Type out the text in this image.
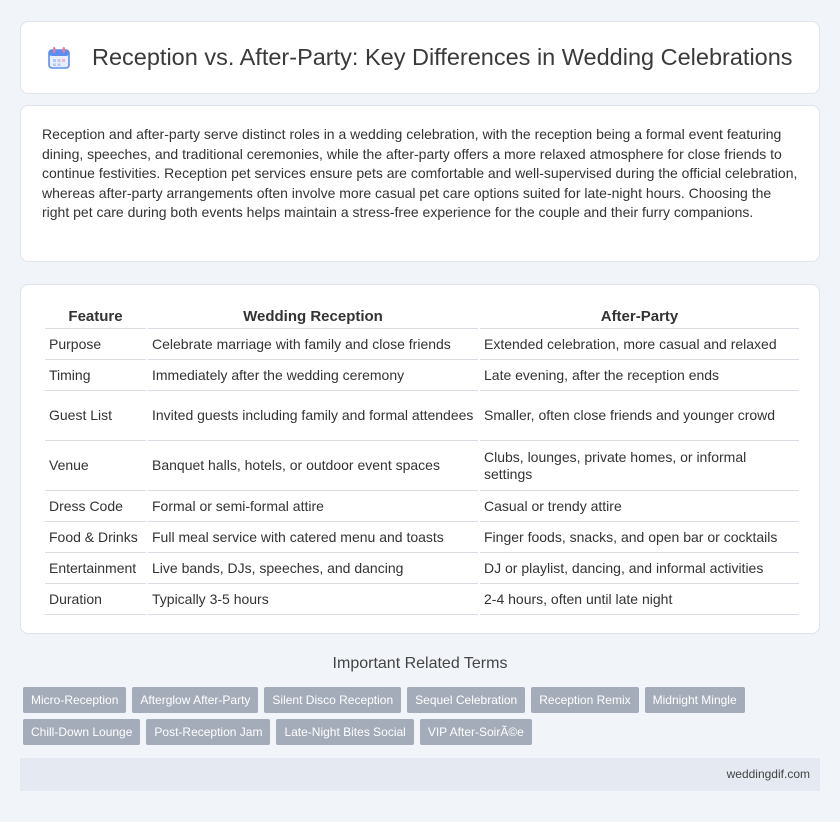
Reception vs. After-Party: Key Differences in Wedding Celebrations

Reception and after-party serve distinct roles in a wedding celebration, with the reception being a formal event featuring dining, speeches, and traditional ceremonies, while the after-party offers a more relaxed atmosphere for close friends to continue festivities. Reception pet services ensure pets are comfortable and well-supervised during the official celebration, whereas after-party arrangements often involve more casual pet care options suited for late-night hours. Choosing the right pet care during both events helps maintain a stress-free experience for the couple and their furry companions.

Feature	Wedding Reception	After-Party
Purpose	Celebrate marriage with family and close friends	Extended celebration, more casual and relaxed
Timing	Immediately after the wedding ceremony	Late evening, after the reception ends
Guest List	Invited guests including family and formal attendees	Smaller, often close friends and younger crowd
Venue	Banquet halls, hotels, or outdoor event spaces	Clubs, lounges, private homes, or informal settings
Dress Code	Formal or semi-formal attire	Casual or trendy attire
Food & Drinks	Full meal service with catered menu and toasts	Finger foods, snacks, and open bar or cocktails
Entertainment	Live bands, DJs, speeches, and dancing	DJ or playlist, dancing, and informal activities
Duration	Typically 3-5 hours	2-4 hours, often until late night
Important Related Terms
Micro-Reception	Afterglow After-Party	Silent Disco Reception	Sequel Celebration	Reception Remix	Midnight Mingle
Chill-Down Lounge	Post-Reception Jam	Late-Night Bites Social	VIP After-SoirÃ©e
weddingdif.com
